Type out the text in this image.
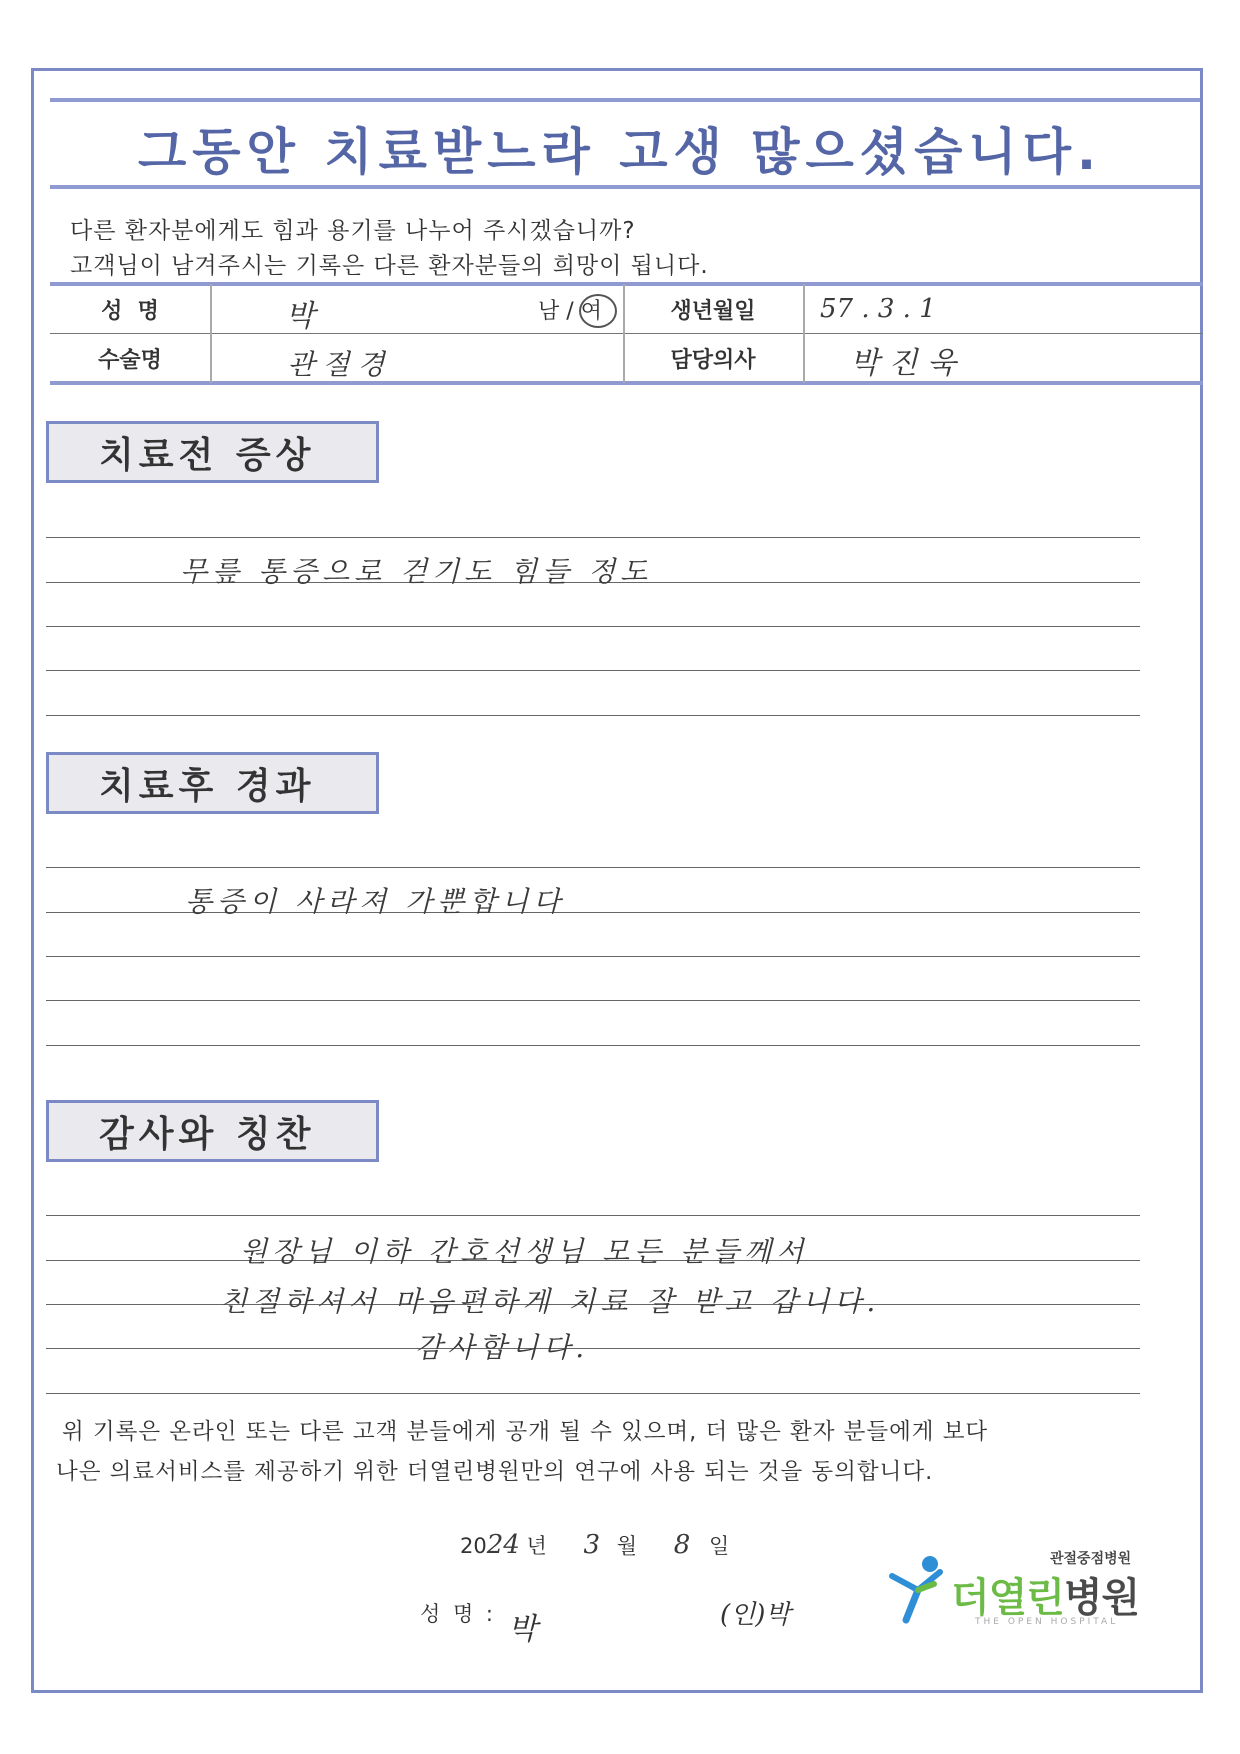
그동안 치료받느라 고생 많으셨습니다.
다른 환자분에게도 힘과 용기를 나누어 주시겠습니까?
고객님이 남겨주시는 기록은 다른 환자분들의 희망이 됩니다.
성  명	박	남 / 여	생년월일	57 . 3 . 1
수술명	관절경	담당의사	박 진 욱
치료전 증상
무릎 통증으로 걷기도 힘들 정도
치료후 경과
통증이 사라져 가뿐합니다
감사와 칭찬
원장님 이하 간호선생님 모든 분들께서
친절하셔서 마음편하게 치료 잘 받고 갑니다.
감사합니다.
위 기록은 온라인 또는 다른 고객 분들에게 공개 될 수 있으며, 더 많은 환자 분들에게 보다
나은 의료서비스를 제공하기 위한 더열린병원만의 연구에 사용 되는 것을 동의합니다.
2024 년 3 월 8 일
성 명 : 박	(인)박
관절중점병원
더열린병원
THE OPEN HOSPITAL
